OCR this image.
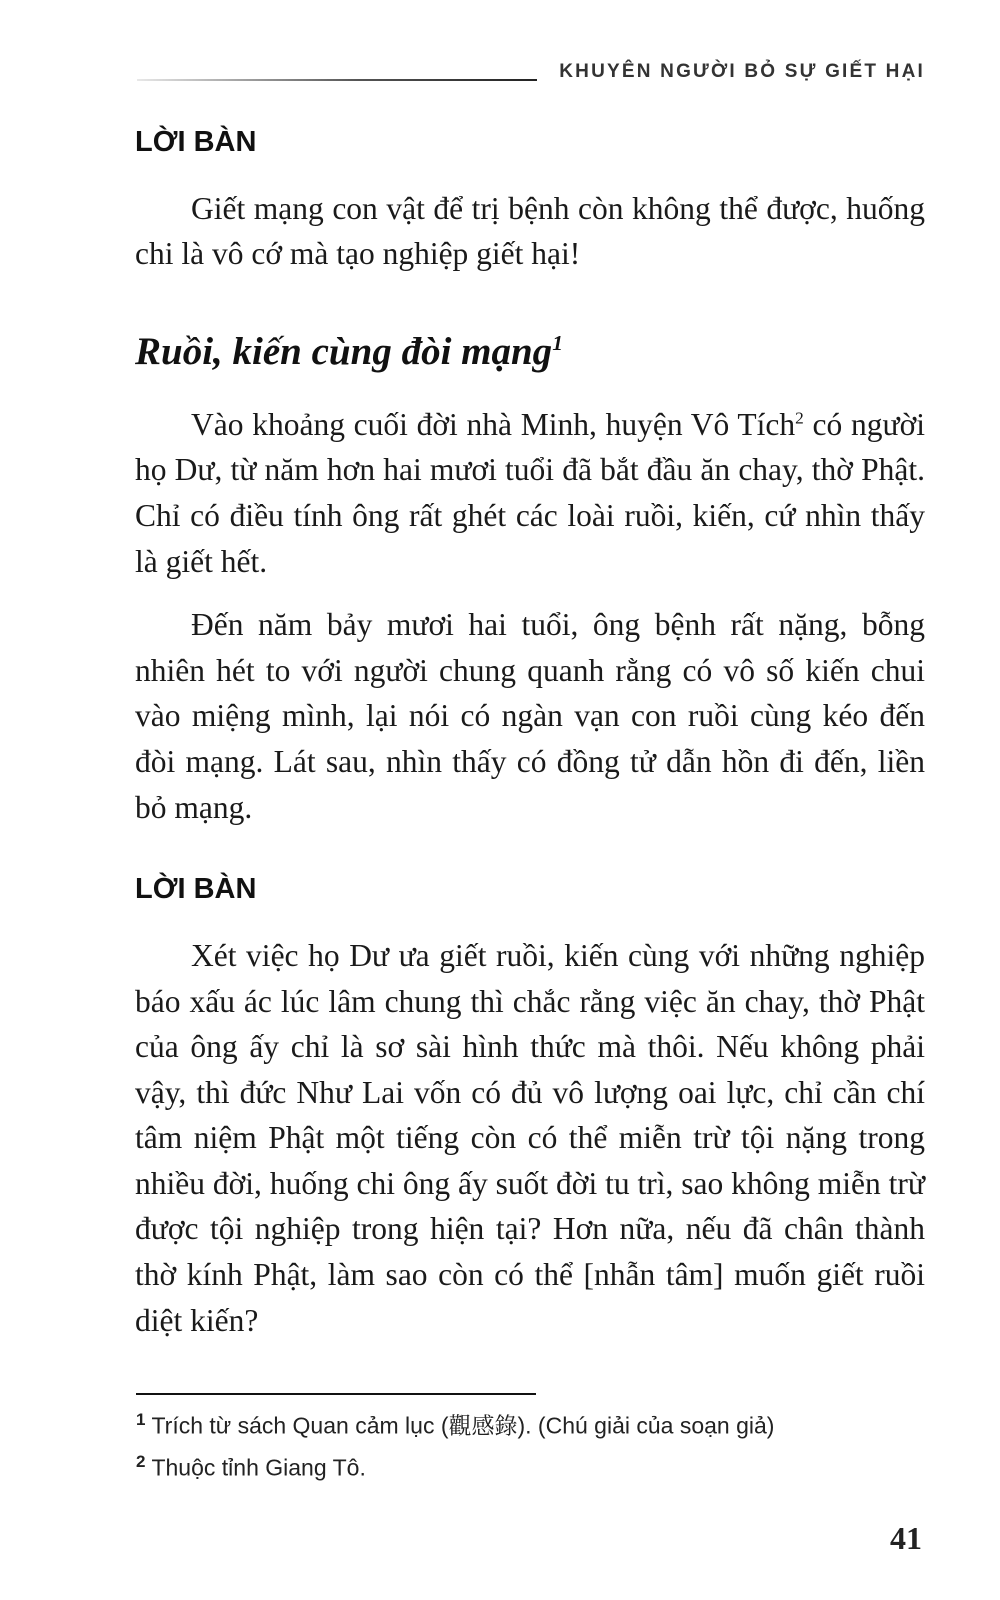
KHUYÊN NGƯỜI BỎ SỰ GIẾT HẠI
LỜI BÀN

Giết mạng con vật để trị bệnh còn không thể được, huống chi là vô cớ mà tạo nghiệp giết hại!

Ruồi, kiến cùng đòi mạng$^1$

Vào khoảng cuối đời nhà Minh, huyện Vô Tích$^2$ có người họ Dư, từ năm hơn hai mươi tuổi đã bắt đầu ăn chay, thờ Phật. Chỉ có điều tính ông rất ghét các loài ruồi, kiến, cứ nhìn thấy là giết hết.

Đến năm bảy mươi hai tuổi, ông bệnh rất nặng, bỗng nhiên hét to với người chung quanh rằng có vô số kiến chui vào miệng mình, lại nói có ngàn vạn con ruồi cùng kéo đến đòi mạng. Lát sau, nhìn thấy có đồng tử dẫn hồn đi đến, liền bỏ mạng.

LỜI BÀN

Xét việc họ Dư ưa giết ruồi, kiến cùng với những nghiệp báo xấu ác lúc lâm chung thì chắc rằng việc ăn chay, thờ Phật của ông ấy chỉ là sơ sài hình thức mà thôi. Nếu không phải vậy, thì đức Như Lai vốn có đủ vô lượng oai lực, chỉ cần chí tâm niệm Phật một tiếng còn có thể miễn trừ tội nặng trong nhiều đời, huống chi ông ấy suốt đời tu trì, sao không miễn trừ được tội nghiệp trong hiện tại? Hơn nữa, nếu đã chân thành thờ kính Phật, làm sao còn có thể [nhẫn tâm] muốn giết ruồi diệt kiến?

$^1$ Trích từ sách Quan cảm lục (觀感錄). (Chú giải của soạn giả)
$^2$ Thuộc tỉnh Giang Tô.
41
